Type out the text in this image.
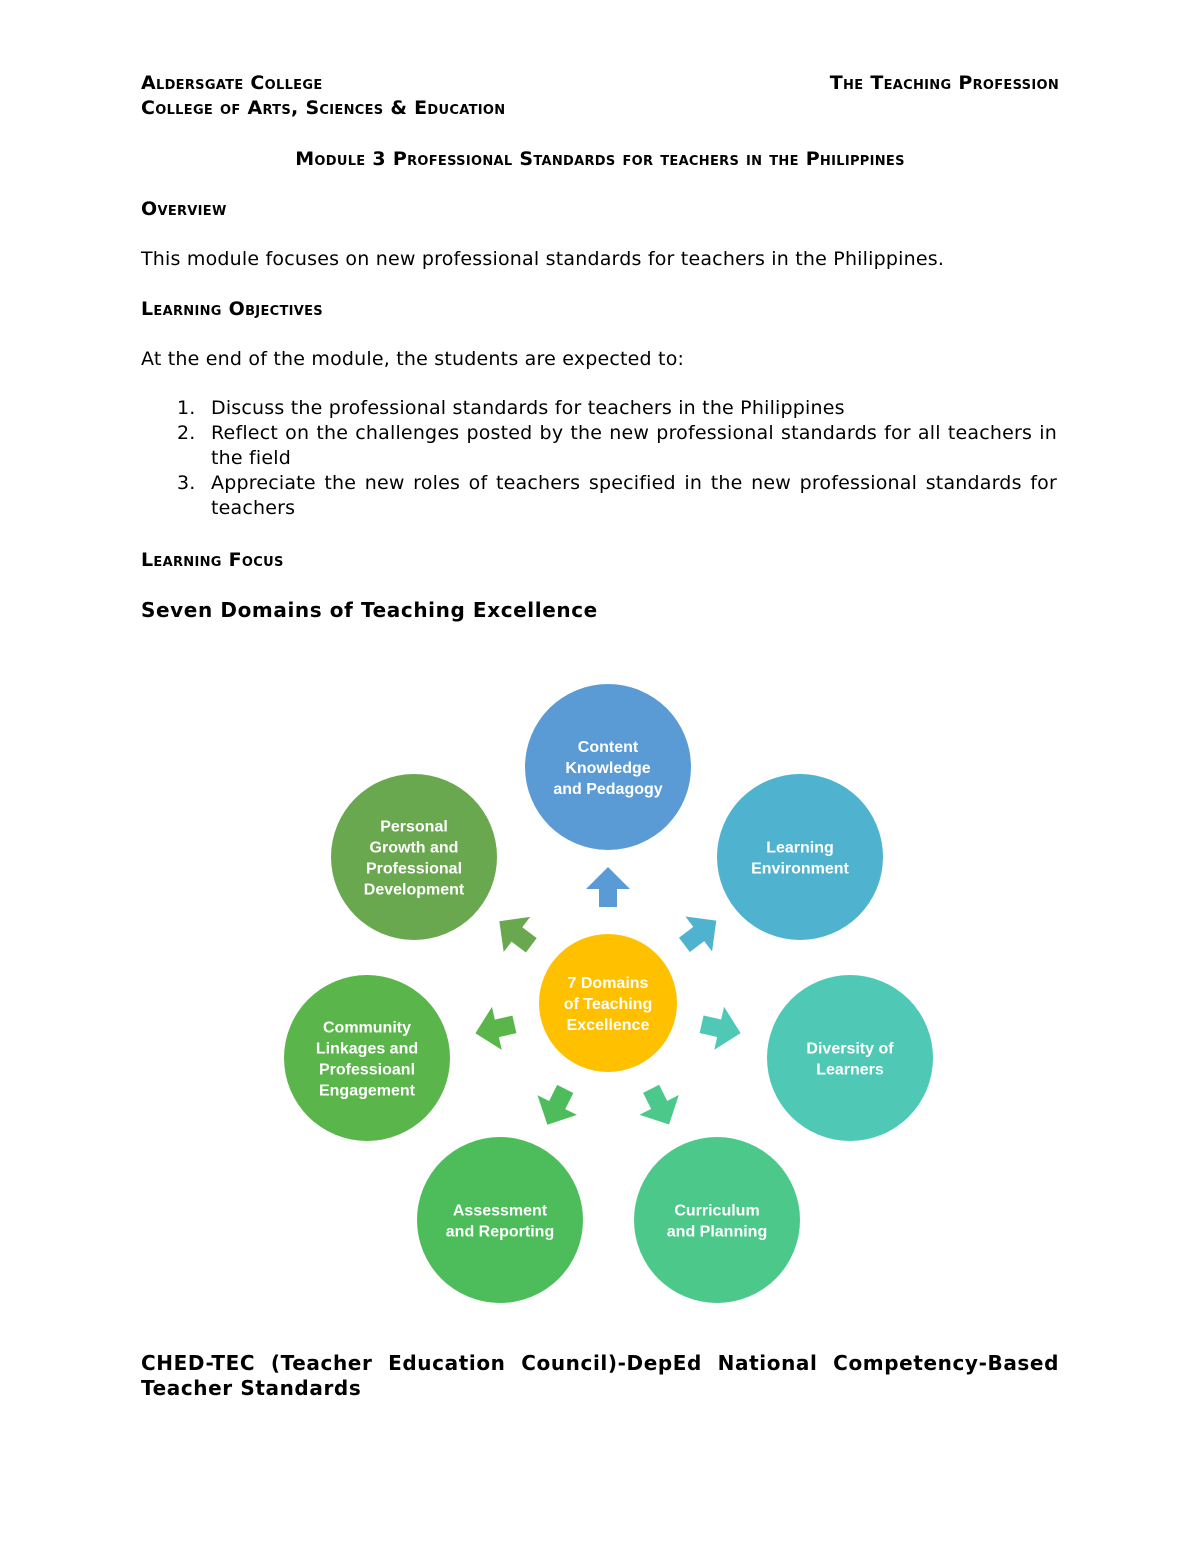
Aldersgate College	The Teaching Profession
College of Arts, Sciences & Education
Module 3 Professional Standards for teachers in the Philippines
Overview
This module focuses on new professional standards for teachers in the Philippines.
Learning Objectives
At the end of the module, the students are expected to:
1. Discuss the professional standards for teachers in the Philippines
2. Reflect on the challenges posted by the new professional standards for all teachers in the field
3. Appreciate the new roles of teachers specified in the new professional standards for teachers
Learning Focus
Seven Domains of Teaching Excellence
Content
Knowledge
and Pedagogy
Learning
Environment
Diversity of
Learners
Curriculum
and Planning
Assessment
and Reporting
Community
Linkages and
Professioanl
Engagement
Personal
Growth and
Professional
Development
7 Domains
of Teaching
Excellence
CHED-TEC (Teacher Education Council)-DepEd National Competency-Based Teacher Standards
